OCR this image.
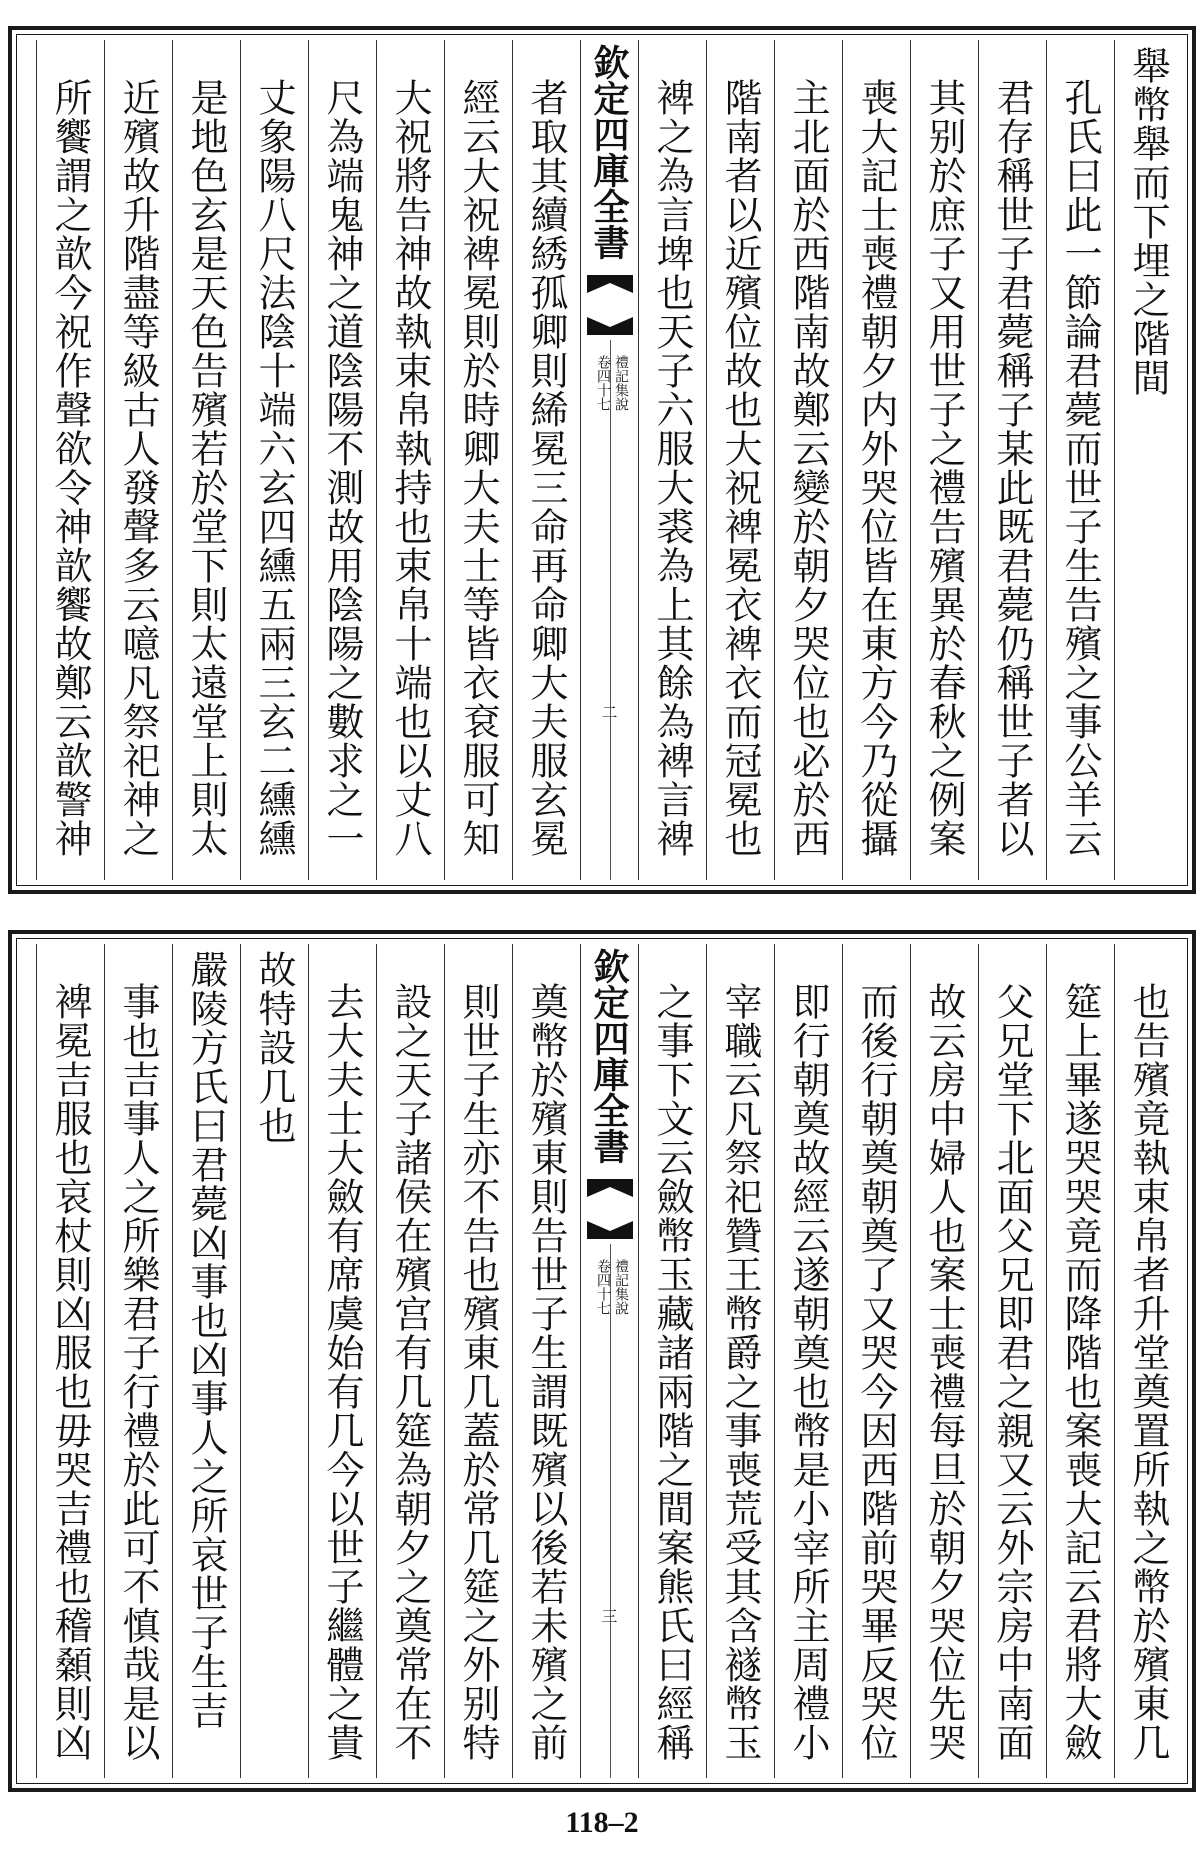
舉幣舉而下埋之階間
孔氏曰此一節論君薨而世子生告殯之事公羊云
君存稱世子君薨稱子某此既君薨仍稱世子者以
其别於庶子又用世子之禮告殯異於春秋之例案
喪大記士喪禮朝夕内外哭位皆在東方今乃從攝
主北面於西階南故鄭云變於朝夕哭位也必於西
階南者以近殯位故也大祝裨冕衣裨衣而冠冕也
裨之為言埤也天子六服大裘為上其餘為裨言裨
欽定四庫全書
禮記集說
卷四十七
二
者取其續綉孤卿則絺冕三命再命卿大夫服玄冕
經云大祝裨冕則於時卿大夫士等皆衣袞服可知
大祝將告神故執束帛執持也束帛十端也以丈八
尺為端鬼神之道陰陽不測故用陰陽之數求之一
丈象陽八尺法陰十端六玄四纁五兩三玄二纁纁
是地色玄是天色告殯若於堂下則太遠堂上則太
近殯故升階盡等級古人發聲多云噫凡祭祀神之
所饗謂之歆今祝作聲欲令神歆饗故鄭云歆警神
也告殯竟執束帛者升堂奠置所執之幣於殯東几
筵上畢遂哭哭竟而降階也案喪大記云君將大斂
父兄堂下北面父兄即君之親又云外宗房中南面
故云房中婦人也案士喪禮每旦於朝夕哭位先哭
而後行朝奠朝奠了又哭今因西階前哭畢反哭位
即行朝奠故經云遂朝奠也幣是小宰所主周禮小
宰職云凡祭祀贊王幣爵之事喪荒受其含襚幣玉
之事下文云斂幣玉藏諸兩階之間案熊氏曰經稱
欽定四庫全書
禮記集說
卷四十七
三
奠幣於殯東則告世子生謂既殯以後若未殯之前
則世子生亦不告也殯東几蓋於常几筵之外别特
設之天子諸侯在殯宫有几筵為朝夕之奠常在不
去大夫士大斂有席虞始有几今以世子繼體之貴
故特設几也
嚴陵方氏曰君薨凶事也凶事人之所哀世子生吉
事也吉事人之所樂君子行禮於此可不慎哉是以
裨冕吉服也哀杖則凶服也毋哭吉禮也稽顙則凶
118–2
